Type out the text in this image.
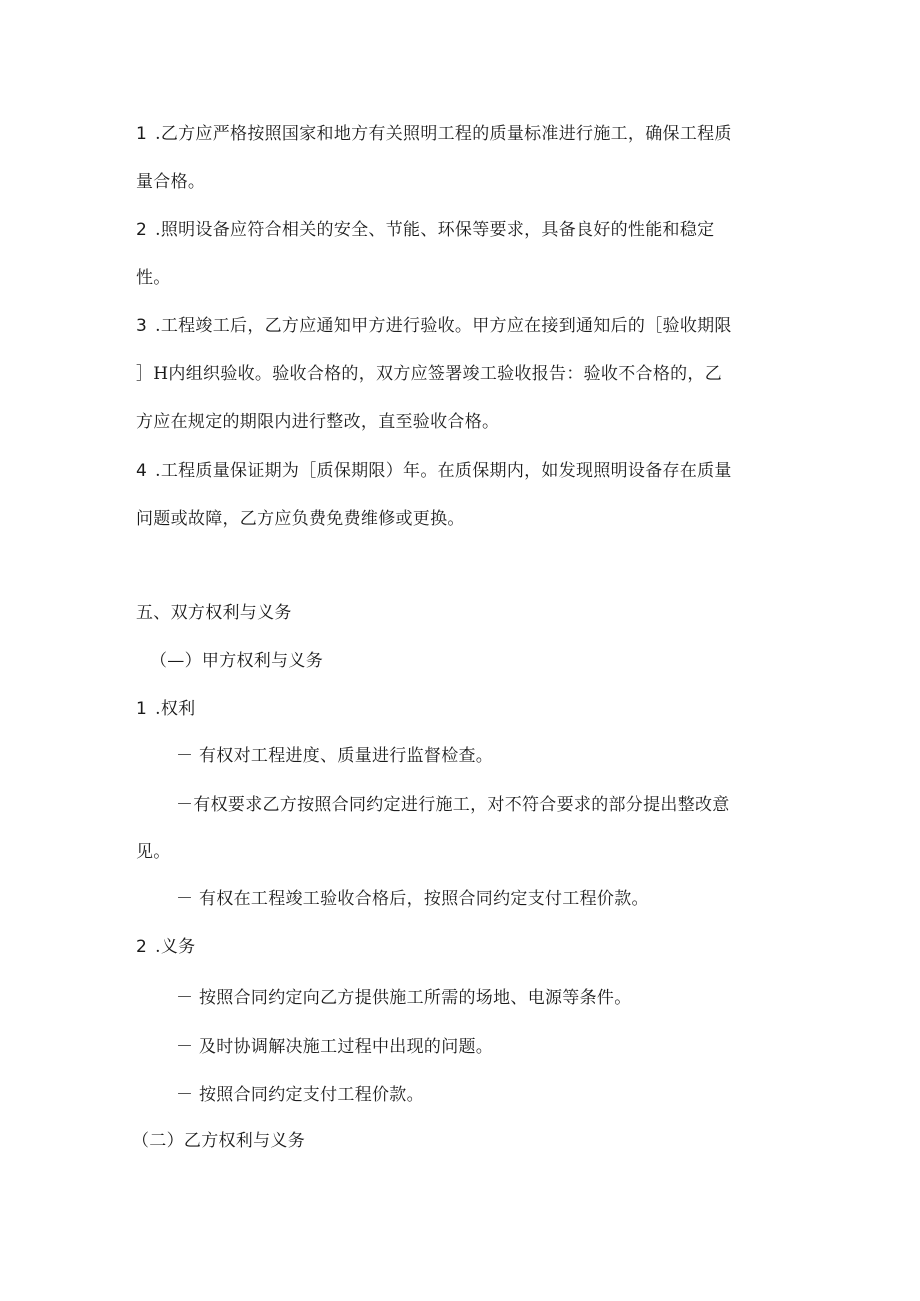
1 .乙方应严格按照国家和地方有关照明工程的质量标准进行施工，确保工程质
量合格。
2 .照明设备应符合相关的安全、节能、环保等要求，具备良好的性能和稳定
性。
3 .工程竣工后，乙方应通知甲方进行验收。甲方应在接到通知后的［验收期限
］H内组织验收。验收合格的，双方应签署竣工验收报告：验收不合格的，乙
方应在规定的期限内进行整改，直至验收合格。
4 .工程质量保证期为［质保期限）年。在质保期内，如发现照明设备存在质量
问题或故障，乙方应负费免费维修或更换。
五、双方权利与义务
（—）甲方权利与义务
1 .权利
－ 有权对工程进度、质量进行监督检查。
－有权要求乙方按照合同约定进行施工，对不符合要求的部分提出整改意
见。
－ 有权在工程竣工验收合格后，按照合同约定支付工程价款。
2 .义务
－ 按照合同约定向乙方提供施工所需的场地、电源等条件。
－ 及时协调解决施工过程中出现的问题。
－ 按照合同约定支付工程价款。
（二）乙方权利与义务
